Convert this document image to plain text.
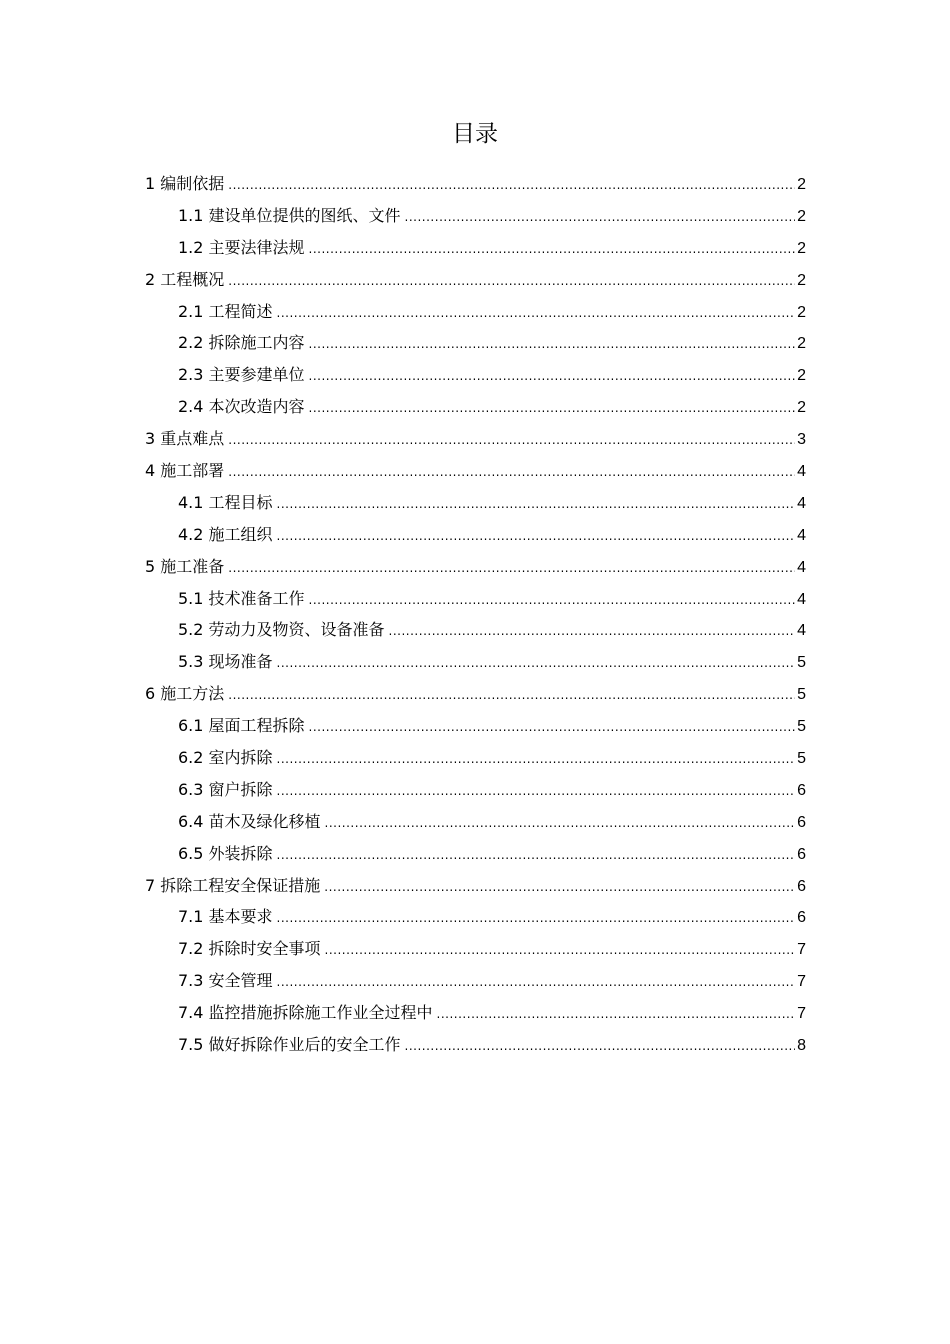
目录
1 编制依据 .....	2
1.1 建设单位提供的图纸、文件 .....	2
1.2 主要法律法规 .....	2
2 工程概况 .....	2
2.1 工程简述 .....	2
2.2 拆除施工内容 .....	2
2.3 主要参建单位 .....	2
2.4 本次改造内容 .....	2
3 重点难点 .....	3
4 施工部署 .....	4
4.1 工程目标 .....	4
4.2 施工组织 .....	4
5 施工准备 .....	4
5.1 技术准备工作 .....	4
5.2 劳动力及物资、设备准备 .....	4
5.3 现场准备 .....	5
6 施工方法 .....	5
6.1 屋面工程拆除 .....	5
6.2 室内拆除 .....	5
6.3 窗户拆除 .....	6
6.4 苗木及绿化移植 .....	6
6.5 外装拆除 .....	6
7 拆除工程安全保证措施 .....	6
7.1 基本要求 .....	6
7.2 拆除时安全事项 .....	7
7.3 安全管理 .....	7
7.4 监控措施拆除施工作业全过程中 .....	7
7.5 做好拆除作业后的安全工作 .....	8
